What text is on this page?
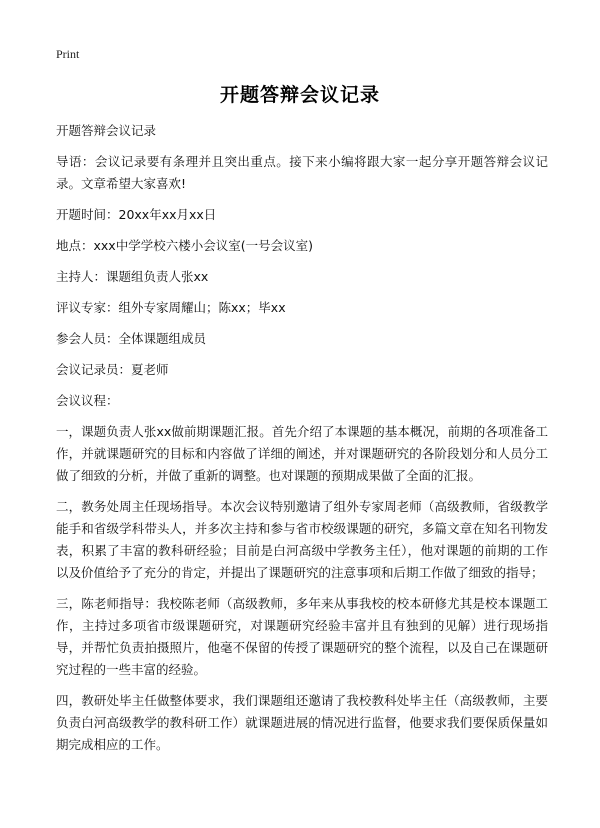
Print
开题答辩会议记录

开题答辩会议记录

导语：会议记录要有条理并且突出重点。接下来小编将跟大家一起分享开题答辩会议记录。文章希望大家喜欢!

开题时间：20xx年xx月xx日

地点：xxx中学学校六楼小会议室(一号会议室)

主持人：课题组负责人张xx

评议专家：组外专家周耀山；陈xx；毕xx

参会人员：全体课题组成员

会议记录员：夏老师

会议议程：

一，课题负责人张xx做前期课题汇报。首先介绍了本课题的基本概况，前期的各项准备工作，并就课题研究的目标和内容做了详细的阐述，并对课题研究的各阶段划分和人员分工做了细致的分析，并做了重新的调整。也对课题的预期成果做了全面的汇报。

二，教务处周主任现场指导。本次会议特别邀请了组外专家周老师（高级教师，省级教学能手和省级学科带头人，并多次主持和参与省市校级课题的研究，多篇文章在知名刊物发表，积累了丰富的教科研经验；目前是白河高级中学教务主任），他对课题的前期的工作以及价值给予了充分的肯定，并提出了课题研究的注意事项和后期工作做了细致的指导；

三，陈老师指导：我校陈老师（高级教师，多年来从事我校的校本研修尤其是校本课题工作，主持过多项省市级课题研究，对课题研究经验丰富并且有独到的见解）进行现场指导，并帮忙负责拍摄照片，他毫不保留的传授了课题研究的整个流程，以及自己在课题研究过程的一些丰富的经验。

四，教研处毕主任做整体要求，我们课题组还邀请了我校教科处毕主任（高级教师，主要负责白河高级教学的教科研工作）就课题进展的情况进行监督，他要求我们要保质保量如期完成相应的工作。
